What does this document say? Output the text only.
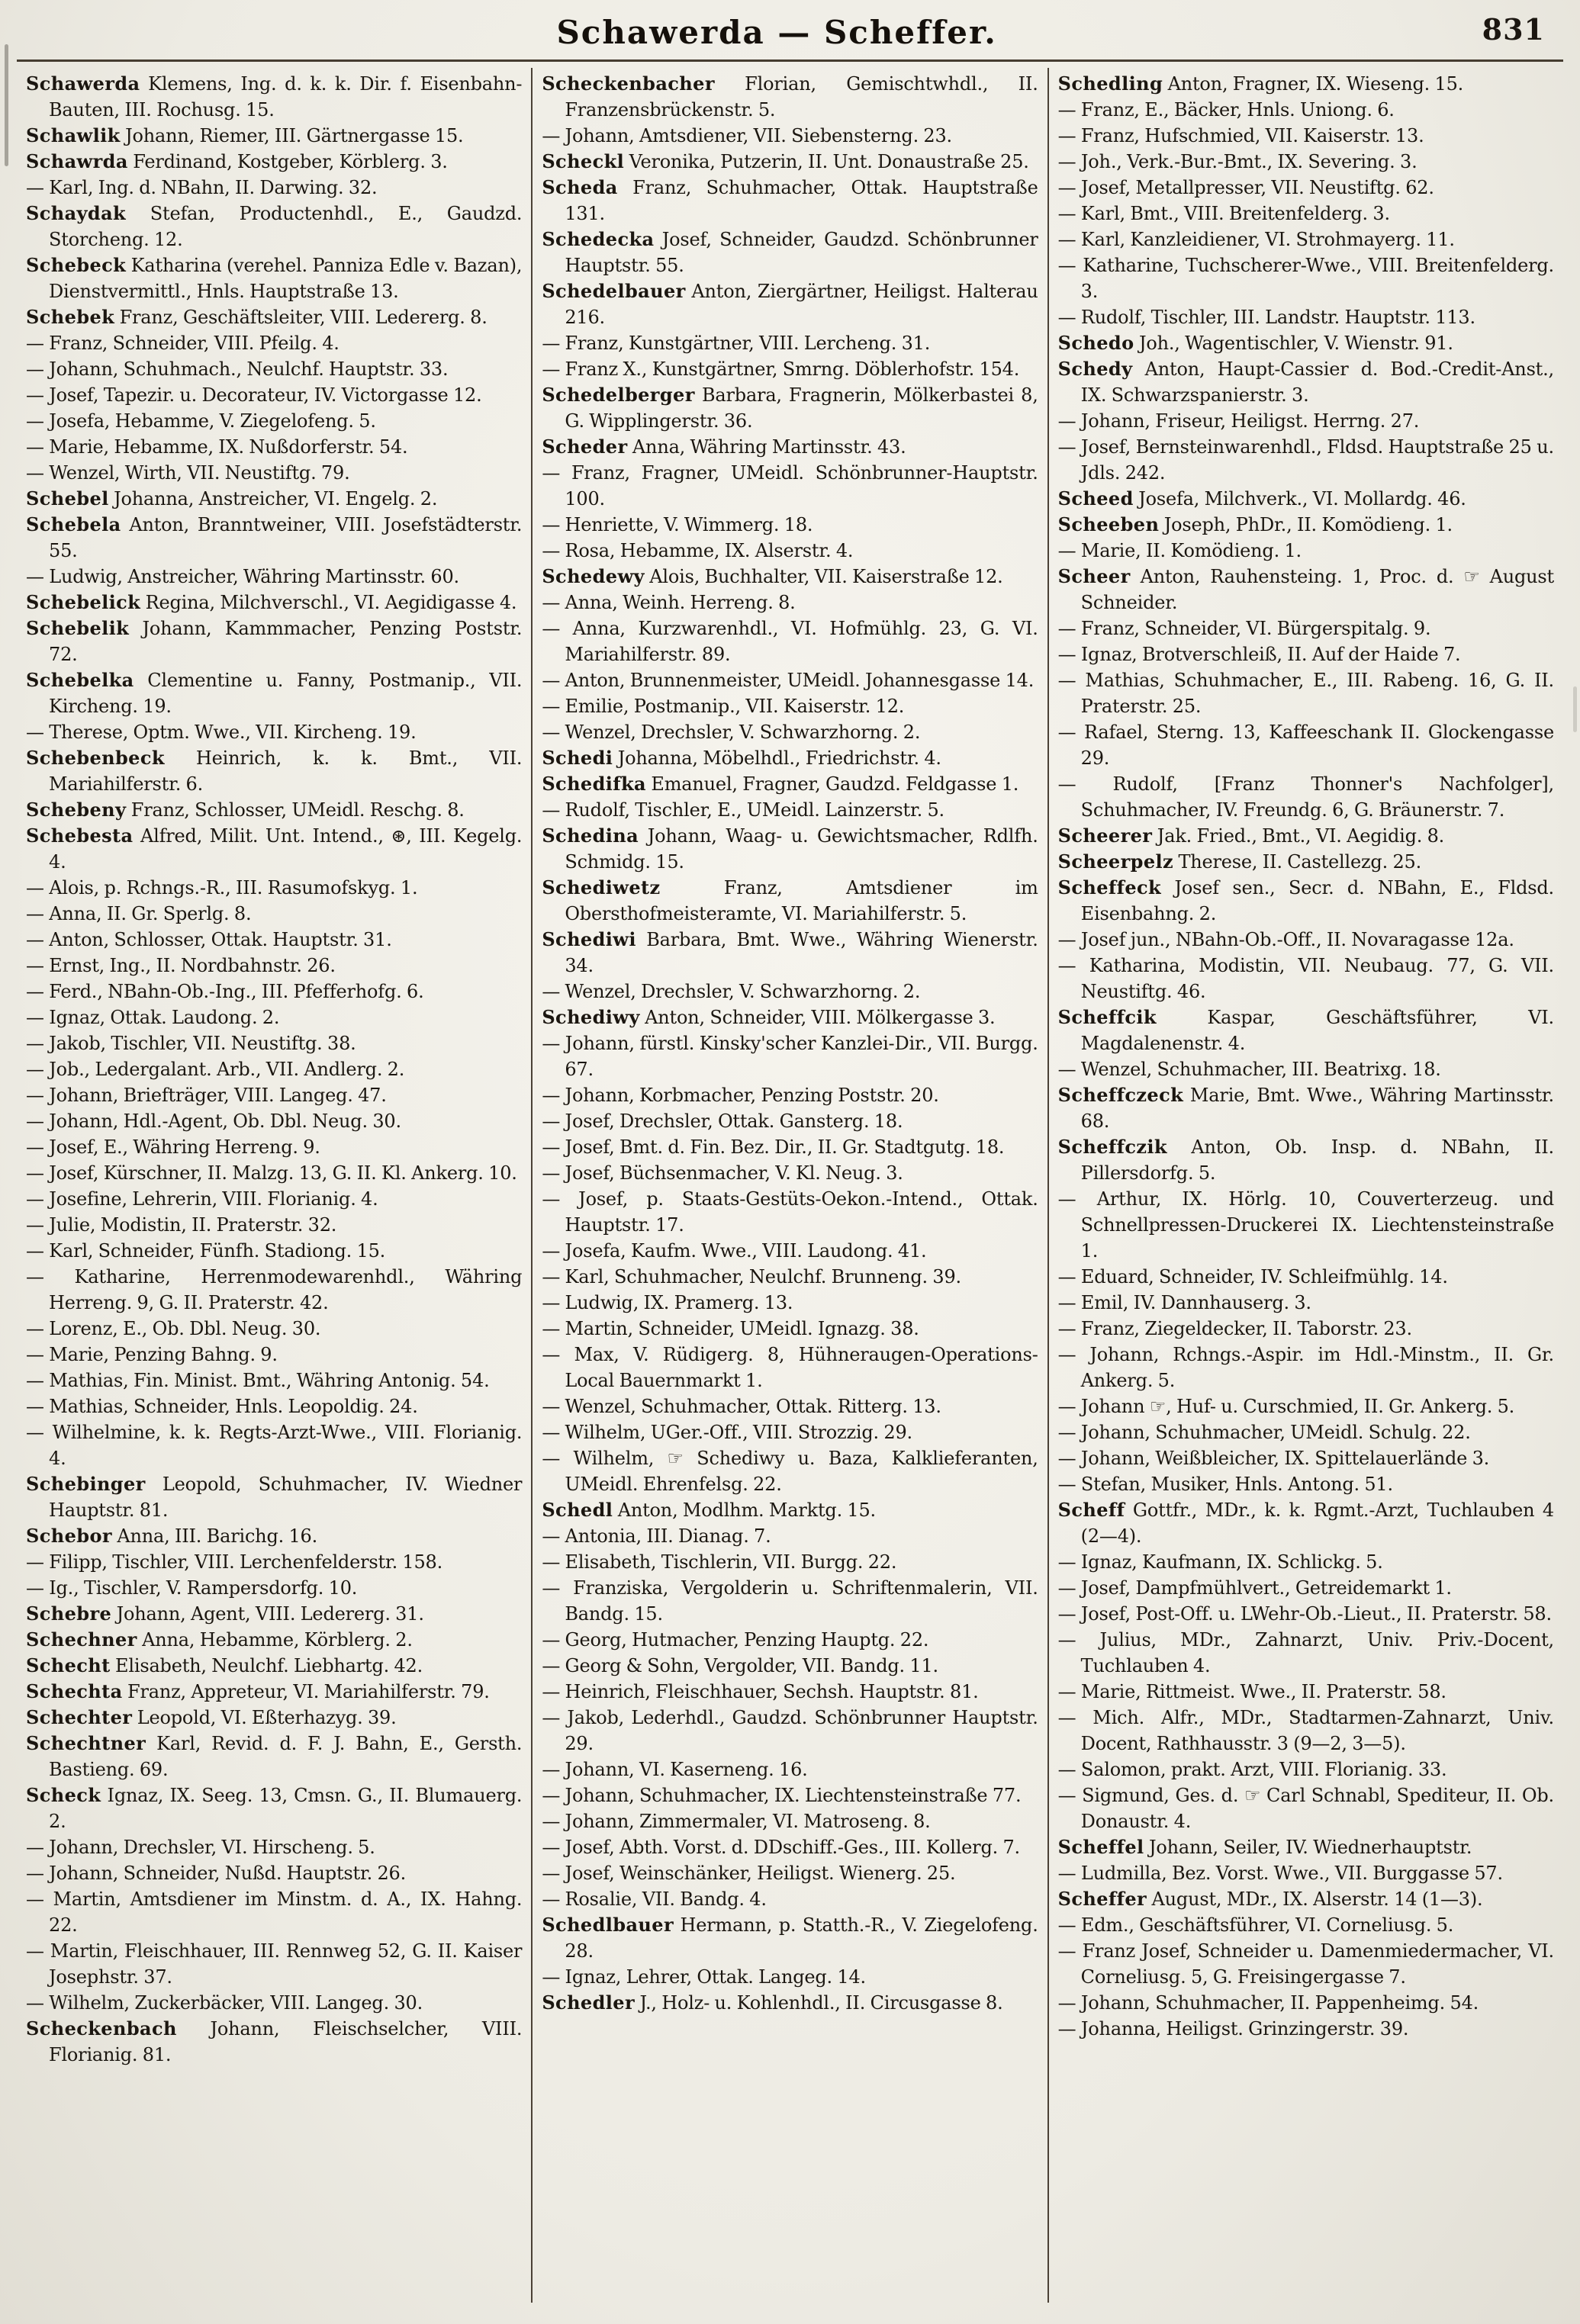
Schawerda — Scheffer.	831

Schawerda Klemens, Ing. d. k. k. Dir. f. Eisenbahn-Bauten, III. Rochusg. 15.

Schawlik Johann, Riemer, III. Gärtnergasse 15.

Schawrda Ferdinand, Kostgeber, Körblerg. 3.

— Karl, Ing. d. NBahn, II. Darwing. 32.

Schaydak Stefan, Productenhdl., E., Gaudzd. Storcheng. 12.

Schebeck Katharina (verehel. Panniza Edle v. Bazan), Dienstvermittl., Hnls. Hauptstraße 13.

Schebek Franz, Geschäftsleiter, VIII. Ledererg. 8.

— Franz, Schneider, VIII. Pfeilg. 4.

— Johann, Schuhmach., Neulchf. Hauptstr. 33.

— Josef, Tapezir. u. Decorateur, IV. Victorgasse 12.

— Josefa, Hebamme, V. Ziegelofeng. 5.

— Marie, Hebamme, IX. Nußdorferstr. 54.

— Wenzel, Wirth, VII. Neustiftg. 79.

Schebel Johanna, Anstreicher, VI. Engelg. 2.

Schebela Anton, Branntweiner, VIII. Josefstädterstr. 55.

— Ludwig, Anstreicher, Währing Martinsstr. 60.

Schebelick Regina, Milchverschl., VI. Aegidigasse 4.

Schebelik Johann, Kammmacher, Penzing Poststr. 72.

Schebelka Clementine u. Fanny, Postmanip., VII. Kircheng. 19.

— Therese, Optm. Wwe., VII. Kircheng. 19.

Schebenbeck Heinrich, k. k. Bmt., VII. Mariahilferstr. 6.

Schebeny Franz, Schlosser, UMeidl. Reschg. 8.

Schebesta Alfred, Milit. Unt. Intend., ⊛, III. Kegelg. 4.

— Alois, p. Rchngs.-R., III. Rasumofskyg. 1.

— Anna, II. Gr. Sperlg. 8.

— Anton, Schlosser, Ottak. Hauptstr. 31.

— Ernst, Ing., II. Nordbahnstr. 26.

— Ferd., NBahn-Ob.-Ing., III. Pfefferhofg. 6.

— Ignaz, Ottak. Laudong. 2.

— Jakob, Tischler, VII. Neustiftg. 38.

— Job., Ledergalant. Arb., VII. Andlerg. 2.

— Johann, Briefträger, VIII. Langeg. 47.

— Johann, Hdl.-Agent, Ob. Dbl. Neug. 30.

— Josef, E., Währing Herreng. 9.

— Josef, Kürschner, II. Malzg. 13, G. II. Kl. Ankerg. 10.

— Josefine, Lehrerin, VIII. Florianig. 4.

— Julie, Modistin, II. Praterstr. 32.

— Karl, Schneider, Fünfh. Stadiong. 15.

— Katharine, Herrenmodewarenhdl., Währing Herreng. 9, G. II. Praterstr. 42.

— Lorenz, E., Ob. Dbl. Neug. 30.

— Marie, Penzing Bahng. 9.

— Mathias, Fin. Minist. Bmt., Währing Antonig. 54.

— Mathias, Schneider, Hnls. Leopoldig. 24.

— Wilhelmine, k. k. Regts-Arzt-Wwe., VIII. Florianig. 4.

Schebinger Leopold, Schuhmacher, IV. Wiedner Hauptstr. 81.

Schebor Anna, III. Barichg. 16.

— Filipp, Tischler, VIII. Lerchenfelderstr. 158.

— Ig., Tischler, V. Rampersdorfg. 10.

Schebre Johann, Agent, VIII. Ledererg. 31.

Schechner Anna, Hebamme, Körblerg. 2.

Schecht Elisabeth, Neulchf. Liebhartg. 42.

Schechta Franz, Appreteur, VI. Mariahilferstr. 79.

Schechter Leopold, VI. Eßterhazyg. 39.

Schechtner Karl, Revid. d. F. J. Bahn, E., Gersth. Bastieng. 69.

Scheck Ignaz, IX. Seeg. 13, Cmsn. G., II. Blumauerg. 2.

— Johann, Drechsler, VI. Hirscheng. 5.

— Johann, Schneider, Nußd. Hauptstr. 26.

— Martin, Amtsdiener im Minstm. d. A., IX. Hahng. 22.

— Martin, Fleischhauer, III. Rennweg 52, G. II. Kaiser Josephstr. 37.

— Wilhelm, Zuckerbäcker, VIII. Langeg. 30.

Scheckenbach Johann, Fleischselcher, VIII. Florianig. 81.

Scheckenbacher Florian, Gemischtwhdl., II. Franzensbrückenstr. 5.

— Johann, Amtsdiener, VII. Siebensterng. 23.

Scheckl Veronika, Putzerin, II. Unt. Donaustraße 25.

Scheda Franz, Schuhmacher, Ottak. Hauptstraße 131.

Schedecka Josef, Schneider, Gaudzd. Schönbrunner Hauptstr. 55.

Schedelbauer Anton, Ziergärtner, Heiligst. Halterau 216.

— Franz, Kunstgärtner, VIII. Lercheng. 31.

— Franz X., Kunstgärtner, Smrng. Döblerhofstr. 154.

Schedelberger Barbara, Fragnerin, Mölkerbastei 8, G. Wipplingerstr. 36.

Scheder Anna, Währing Martinsstr. 43.

— Franz, Fragner, UMeidl. Schönbrunner-Hauptstr. 100.

— Henriette, V. Wimmerg. 18.

— Rosa, Hebamme, IX. Alserstr. 4.

Schedewy Alois, Buchhalter, VII. Kaiserstraße 12.

— Anna, Weinh. Herreng. 8.

— Anna, Kurzwarenhdl., VI. Hofmühlg. 23, G. VI. Mariahilferstr. 89.

— Anton, Brunnenmeister, UMeidl. Johannesgasse 14.

— Emilie, Postmanip., VII. Kaiserstr. 12.

— Wenzel, Drechsler, V. Schwarzhorng. 2.

Schedi Johanna, Möbelhdl., Friedrichstr. 4.

Schedifka Emanuel, Fragner, Gaudzd. Feldgasse 1.

— Rudolf, Tischler, E., UMeidl. Lainzerstr. 5.

Schedina Johann, Waag- u. Gewichtsmacher, Rdlfh. Schmidg. 15.

Schediwetz Franz, Amtsdiener im Obersthofmeisteramte, VI. Mariahilferstr. 5.

Schediwi Barbara, Bmt. Wwe., Währing Wienerstr. 34.

— Wenzel, Drechsler, V. Schwarzhorng. 2.

Schediwy Anton, Schneider, VIII. Mölkergasse 3.

— Johann, fürstl. Kinsky'scher Kanzlei-Dir., VII. Burgg. 67.

— Johann, Korbmacher, Penzing Poststr. 20.

— Josef, Drechsler, Ottak. Gansterg. 18.

— Josef, Bmt. d. Fin. Bez. Dir., II. Gr. Stadtgutg. 18.

— Josef, Büchsenmacher, V. Kl. Neug. 3.

— Josef, p. Staats-Gestüts-Oekon.-Intend., Ottak. Hauptstr. 17.

— Josefa, Kaufm. Wwe., VIII. Laudong. 41.

— Karl, Schuhmacher, Neulchf. Brunneng. 39.

— Ludwig, IX. Pramerg. 13.

— Martin, Schneider, UMeidl. Ignazg. 38.

— Max, V. Rüdigerg. 8, Hühneraugen-Operations-Local Bauernmarkt 1.

— Wenzel, Schuhmacher, Ottak. Ritterg. 13.

— Wilhelm, UGer.-Off., VIII. Strozzig. 29.

— Wilhelm, ☞ Schediwy u. Baza, Kalklieferanten, UMeidl. Ehrenfelsg. 22.

Schedl Anton, Modlhm. Marktg. 15.

— Antonia, III. Dianag. 7.

— Elisabeth, Tischlerin, VII. Burgg. 22.

— Franziska, Vergolderin u. Schriftenmalerin, VII. Bandg. 15.

— Georg, Hutmacher, Penzing Hauptg. 22.

— Georg & Sohn, Vergolder, VII. Bandg. 11.

— Heinrich, Fleischhauer, Sechsh. Hauptstr. 81.

— Jakob, Lederhdl., Gaudzd. Schönbrunner Hauptstr. 29.

— Johann, VI. Kaserneng. 16.

— Johann, Schuhmacher, IX. Liechtensteinstraße 77.

— Johann, Zimmermaler, VI. Matroseng. 8.

— Josef, Abth. Vorst. d. DDschiff.-Ges., III. Kollerg. 7.

— Josef, Weinschänker, Heiligst. Wienerg. 25.

— Rosalie, VII. Bandg. 4.

Schedlbauer Hermann, p. Statth.-R., V. Ziegelofeng. 28.

— Ignaz, Lehrer, Ottak. Langeg. 14.

Schedler J., Holz- u. Kohlenhdl., II. Circusgasse 8.

Schedling Anton, Fragner, IX. Wieseng. 15.

— Franz, E., Bäcker, Hnls. Uniong. 6.

— Franz, Hufschmied, VII. Kaiserstr. 13.

— Joh., Verk.-Bur.-Bmt., IX. Severing. 3.

— Josef, Metallpresser, VII. Neustiftg. 62.

— Karl, Bmt., VIII. Breitenfelderg. 3.

— Karl, Kanzleidiener, VI. Strohmayerg. 11.

— Katharine, Tuchscherer-Wwe., VIII. Breitenfelderg. 3.

— Rudolf, Tischler, III. Landstr. Hauptstr. 113.

Schedo Joh., Wagentischler, V. Wienstr. 91.

Schedy Anton, Haupt-Cassier d. Bod.-Credit-Anst., IX. Schwarzspanierstr. 3.

— Johann, Friseur, Heiligst. Herrng. 27.

— Josef, Bernsteinwarenhdl., Fldsd. Hauptstraße 25 u. Jdls. 242.

Scheed Josefa, Milchverk., VI. Mollardg. 46.

Scheeben Joseph, PhDr., II. Komödieng. 1.

— Marie, II. Komödieng. 1.

Scheer Anton, Rauhensteing. 1, Proc. d. ☞ August Schneider.

— Franz, Schneider, VI. Bürgerspitalg. 9.

— Ignaz, Brotverschleiß, II. Auf der Haide 7.

— Mathias, Schuhmacher, E., III. Rabeng. 16, G. II. Praterstr. 25.

— Rafael, Sterng. 13, Kaffeeschank II. Glockengasse 29.

— Rudolf, [Franz Thonner's Nachfolger], Schuhmacher, IV. Freundg. 6, G. Bräunerstr. 7.

Scheerer Jak. Fried., Bmt., VI. Aegidig. 8.

Scheerpelz Therese, II. Castellezg. 25.

Scheffeck Josef sen., Secr. d. NBahn, E., Fldsd. Eisenbahng. 2.

— Josef jun., NBahn-Ob.-Off., II. Novaragasse 12a.

— Katharina, Modistin, VII. Neubaug. 77, G. VII. Neustiftg. 46.

Scheffcik Kaspar, Geschäftsführer, VI. Magdalenenstr. 4.

— Wenzel, Schuhmacher, III. Beatrixg. 18.

Scheffczeck Marie, Bmt. Wwe., Währing Martinsstr. 68.

Scheffczik Anton, Ob. Insp. d. NBahn, II. Pillersdorfg. 5.

— Arthur, IX. Hörlg. 10, Couverterzeug. und Schnellpressen-Druckerei IX. Liechtensteinstraße 1.

— Eduard, Schneider, IV. Schleifmühlg. 14.

— Emil, IV. Dannhauserg. 3.

— Franz, Ziegeldecker, II. Taborstr. 23.

— Johann, Rchngs.-Aspir. im Hdl.-Minstm., II. Gr. Ankerg. 5.

— Johann ☞, Huf- u. Curschmied, II. Gr. Ankerg. 5.

— Johann, Schuhmacher, UMeidl. Schulg. 22.

— Johann, Weißbleicher, IX. Spittelauerlände 3.

— Stefan, Musiker, Hnls. Antong. 51.

Scheff Gottfr., MDr., k. k. Rgmt.-Arzt, Tuchlauben 4 (2—4).

— Ignaz, Kaufmann, IX. Schlickg. 5.

— Josef, Dampfmühlvert., Getreidemarkt 1.

— Josef, Post-Off. u. LWehr-Ob.-Lieut., II. Praterstr. 58.

— Julius, MDr., Zahnarzt, Univ. Priv.-Docent, Tuchlauben 4.

— Marie, Rittmeist. Wwe., II. Praterstr. 58.

— Mich. Alfr., MDr., Stadtarmen-Zahnarzt, Univ. Docent, Rathhausstr. 3 (9—2, 3—5).

— Salomon, prakt. Arzt, VIII. Florianig. 33.

— Sigmund, Ges. d. ☞ Carl Schnabl, Spediteur, II. Ob. Donaustr. 4.

Scheffel Johann, Seiler, IV. Wiednerhauptstr.

— Ludmilla, Bez. Vorst. Wwe., VII. Burggasse 57.

Scheffer August, MDr., IX. Alserstr. 14 (1—3).

— Edm., Geschäftsführer, VI. Corneliusg. 5.

— Franz Josef, Schneider u. Damenmiedermacher, VI. Corneliusg. 5, G. Freisingergasse 7.

— Johann, Schuhmacher, II. Pappenheimg. 54.

— Johanna, Heiligst. Grinzingerstr. 39.
